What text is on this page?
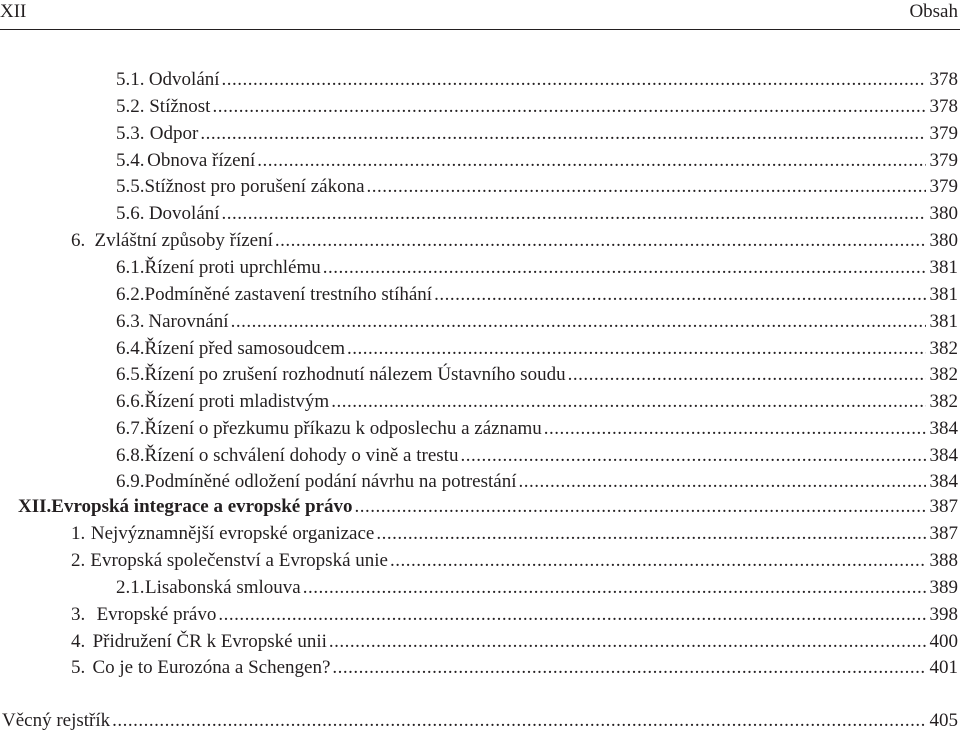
XII	Obsah
5.1. Odvolání .....	378
5.2. Stížnost .....	378
5.3. Odpor .....	379
5.4. Obnova řízení .....	379
5.5. Stížnost pro porušení zákona .....	379
5.6. Dovolání .....	380
6. Zvláštní způsoby řízení .....	380
6.1. Řízení proti uprchlému .....	381
6.2. Podmíněné zastavení trestního stíhání .....	381
6.3. Narovnání .....	381
6.4. Řízení před samosoudcem .....	382
6.5. Řízení po zrušení rozhodnutí nálezem Ústavního soudu .....	382
6.6. Řízení proti mladistvým .....	382
6.7. Řízení o přezkumu příkazu k odposlechu a záznamu .....	384
6.8. Řízení o schválení dohody o vině a trestu .....	384
6.9. Podmíněné odložení podání návrhu na potrestání .....	384
XII. Evropská integrace a evropské právo .....	387
1. Nejvýznamnější evropské organizace .....	387
2. Evropská společenství a Evropská unie .....	388
2.1. Lisabonská smlouva .....	389
3. Evropské právo .....	398
4. Přidružení ČR k Evropské unii .....	400
5. Co je to Eurozóna a Schengen? .....	401
Věcný rejstřík .....	405
